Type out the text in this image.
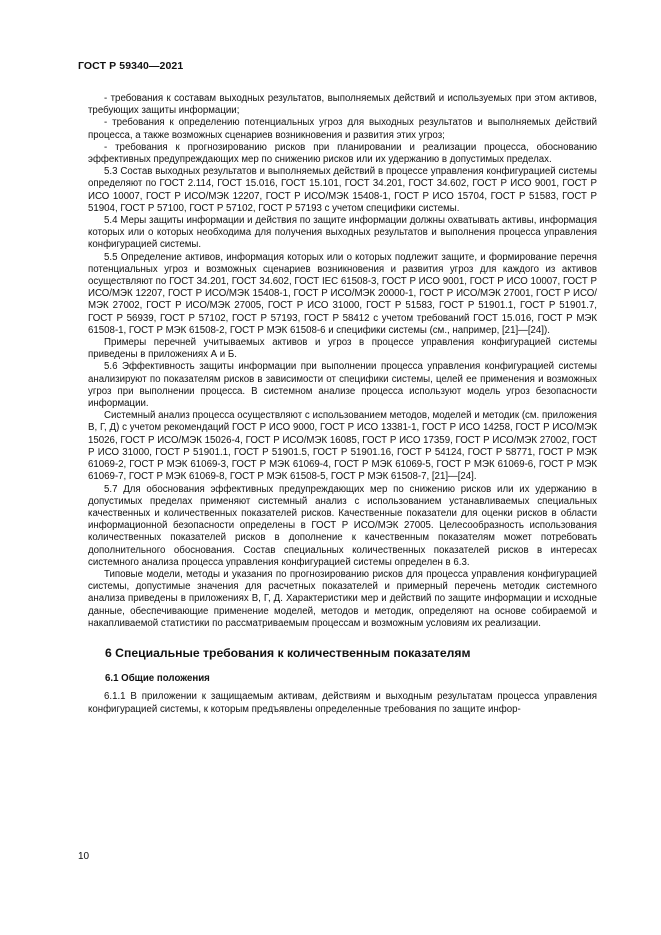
ГОСТ Р 59340—2021

- требования к составам выходных результатов, выполняемых действий и используемых при этом активов, требующих защиты информации;

- требования к определению потенциальных угроз для выходных результатов и выполняемых действий процесса, а также возможных сценариев возникновения и развития этих угроз;

- требования к прогнозированию рисков при планировании и реализации процесса, обоснованию эффективных предупреждающих мер по снижению рисков или их удержанию в допустимых пределах.

5.3 Состав выходных результатов и выполняемых действий в процессе управления конфигурацией системы определяют по ГОСТ 2.114, ГОСТ 15.016, ГОСТ 15.101, ГОСТ 34.201, ГОСТ 34.602, ГОСТ Р ИСО 9001, ГОСТ Р ИСО 10007, ГОСТ Р ИСО/МЭК 12207, ГОСТ Р ИСО/МЭК 15408-1, ГОСТ Р ИСО 15704, ГОСТ Р 51583, ГОСТ Р 51904, ГОСТ Р 57100, ГОСТ Р 57102, ГОСТ Р 57193 с учетом специфики системы.

5.4 Меры защиты информации и действия по защите информации должны охватывать активы, информация которых или о которых необходима для получения выходных результатов и выполнения процесса управления конфигурацией системы.

5.5 Определение активов, информация которых или о которых подлежит защите, и формирование перечня потенциальных угроз и возможных сценариев возникновения и развития угроз для каждого из активов осуществляют по ГОСТ 34.201, ГОСТ 34.602, ГОСТ IEC 61508-3, ГОСТ Р ИСО 9001, ГОСТ Р ИСО 10007, ГОСТ Р ИСО/МЭК 12207, ГОСТ Р ИСО/МЭК 15408-1, ГОСТ Р ИСО/МЭК 20000-1, ГОСТ Р ИСО/МЭК 27001, ГОСТ Р ИСО/МЭК 27002, ГОСТ Р ИСО/МЭК 27005, ГОСТ Р ИСО 31000, ГОСТ Р 51583, ГОСТ Р 51901.1, ГОСТ Р 51901.7, ГОСТ Р 56939, ГОСТ Р 57102, ГОСТ Р 57193, ГОСТ Р 58412 с учетом требований ГОСТ 15.016, ГОСТ Р МЭК 61508-1, ГОСТ Р МЭК 61508-2, ГОСТ Р МЭК 61508-6 и специфики системы (см., например, [21]—[24]).

Примеры перечней учитываемых активов и угроз в процессе управления конфигурацией системы приведены в приложениях А и Б.

5.6 Эффективность защиты информации при выполнении процесса управления конфигурацией системы анализируют по показателям рисков в зависимости от специфики системы, целей ее применения и возможных угроз при выполнении процесса. В системном анализе процесса используют модель угроз безопасности информации.

Системный анализ процесса осуществляют с использованием методов, моделей и методик (см. приложения В, Г, Д) с учетом рекомендаций ГОСТ Р ИСО 9000, ГОСТ Р ИСО 13381-1, ГОСТ Р ИСО 14258, ГОСТ Р ИСО/МЭК 15026, ГОСТ Р ИСО/МЭК 15026-4, ГОСТ Р ИСО/МЭК 16085, ГОСТ Р ИСО 17359, ГОСТ Р ИСО/МЭК 27002, ГОСТ Р ИСО 31000, ГОСТ Р 51901.1, ГОСТ Р 51901.5, ГОСТ Р 51901.16, ГОСТ Р 54124, ГОСТ Р 58771, ГОСТ Р МЭК 61069-2, ГОСТ Р МЭК 61069-3, ГОСТ Р МЭК 61069-4, ГОСТ Р МЭК 61069-5, ГОСТ Р МЭК 61069-6, ГОСТ Р МЭК 61069-7, ГОСТ Р МЭК 61069-8, ГОСТ Р МЭК 61508-5, ГОСТ Р МЭК 61508-7, [21]—[24].

5.7 Для обоснования эффективных предупреждающих мер по снижению рисков или их удержанию в допустимых пределах применяют системный анализ с использованием устанавливаемых специальных качественных и количественных показателей рисков. Качественные показатели для оценки рисков в области информационной безопасности определены в ГОСТ Р ИСО/МЭК 27005. Целесообразность использования количественных показателей рисков в дополнение к качественным показателям может потребовать дополнительного обоснования. Состав специальных количественных показателей рисков в интересах системного анализа процесса управления конфигурацией системы определен в 6.3.

Типовые модели, методы и указания по прогнозированию рисков для процесса управления конфигурацией системы, допустимые значения для расчетных показателей и примерный перечень методик системного анализа приведены в приложениях В, Г, Д. Характеристики мер и действий по защите информации и исходные данные, обеспечивающие применение моделей, методов и методик, определяют на основе собираемой и накапливаемой статистики по рассматриваемым процессам и возможным условиям их реализации.

6 Специальные требования к количественным показателям
6.1 Общие положения

6.1.1 В приложении к защищаемым активам, действиям и выходным результатам процесса управления конфигурацией системы, к которым предъявлены определенные требования по защите инфор-

10
